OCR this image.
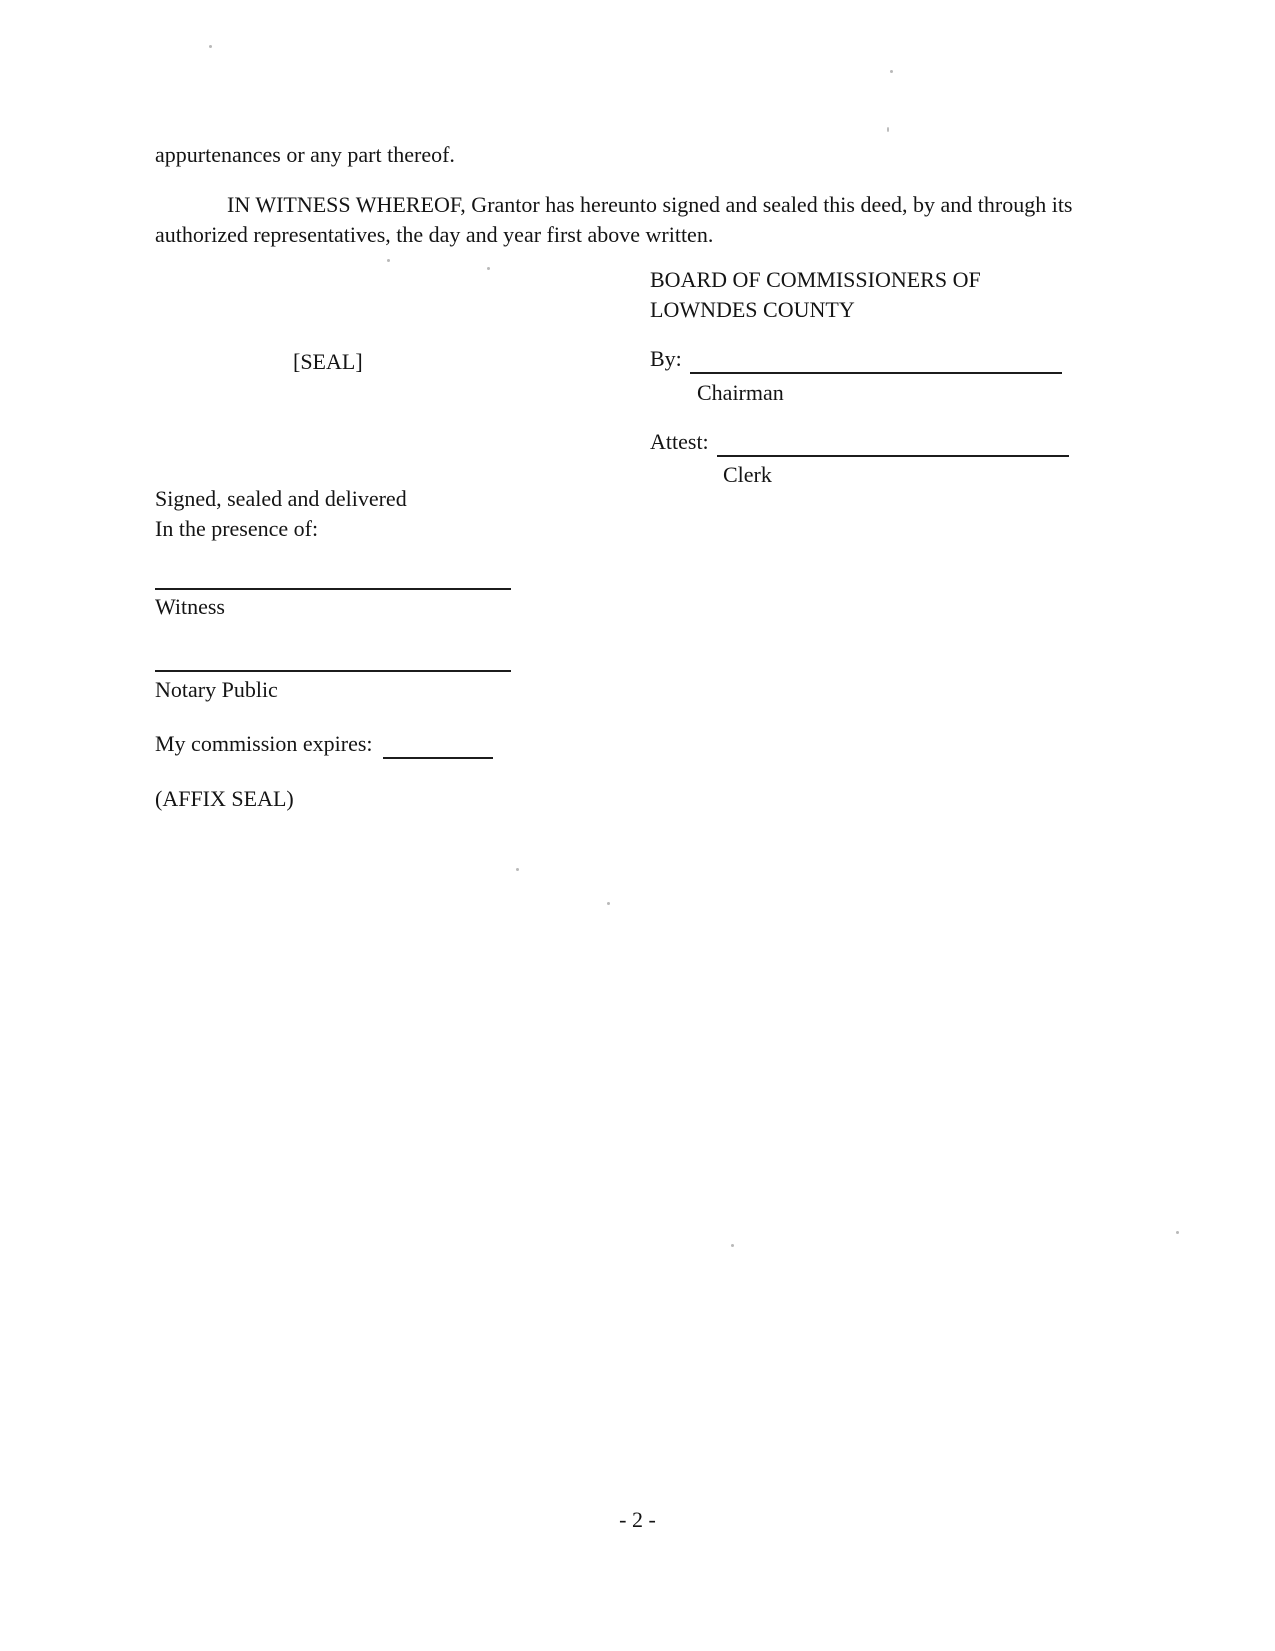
appurtenances or any part thereof.
IN WITNESS WHEREOF, Grantor has hereunto signed and sealed this deed, by and through its authorized representatives, the day and year first above written.
BOARD OF COMMISSIONERS OF
LOWNDES COUNTY
[SEAL]	By:
Chairman
Attest:
Clerk
Signed, sealed and delivered
In the presence of:
Witness
Notary Public
My commission expires:
(AFFIX SEAL)
- 2 -
